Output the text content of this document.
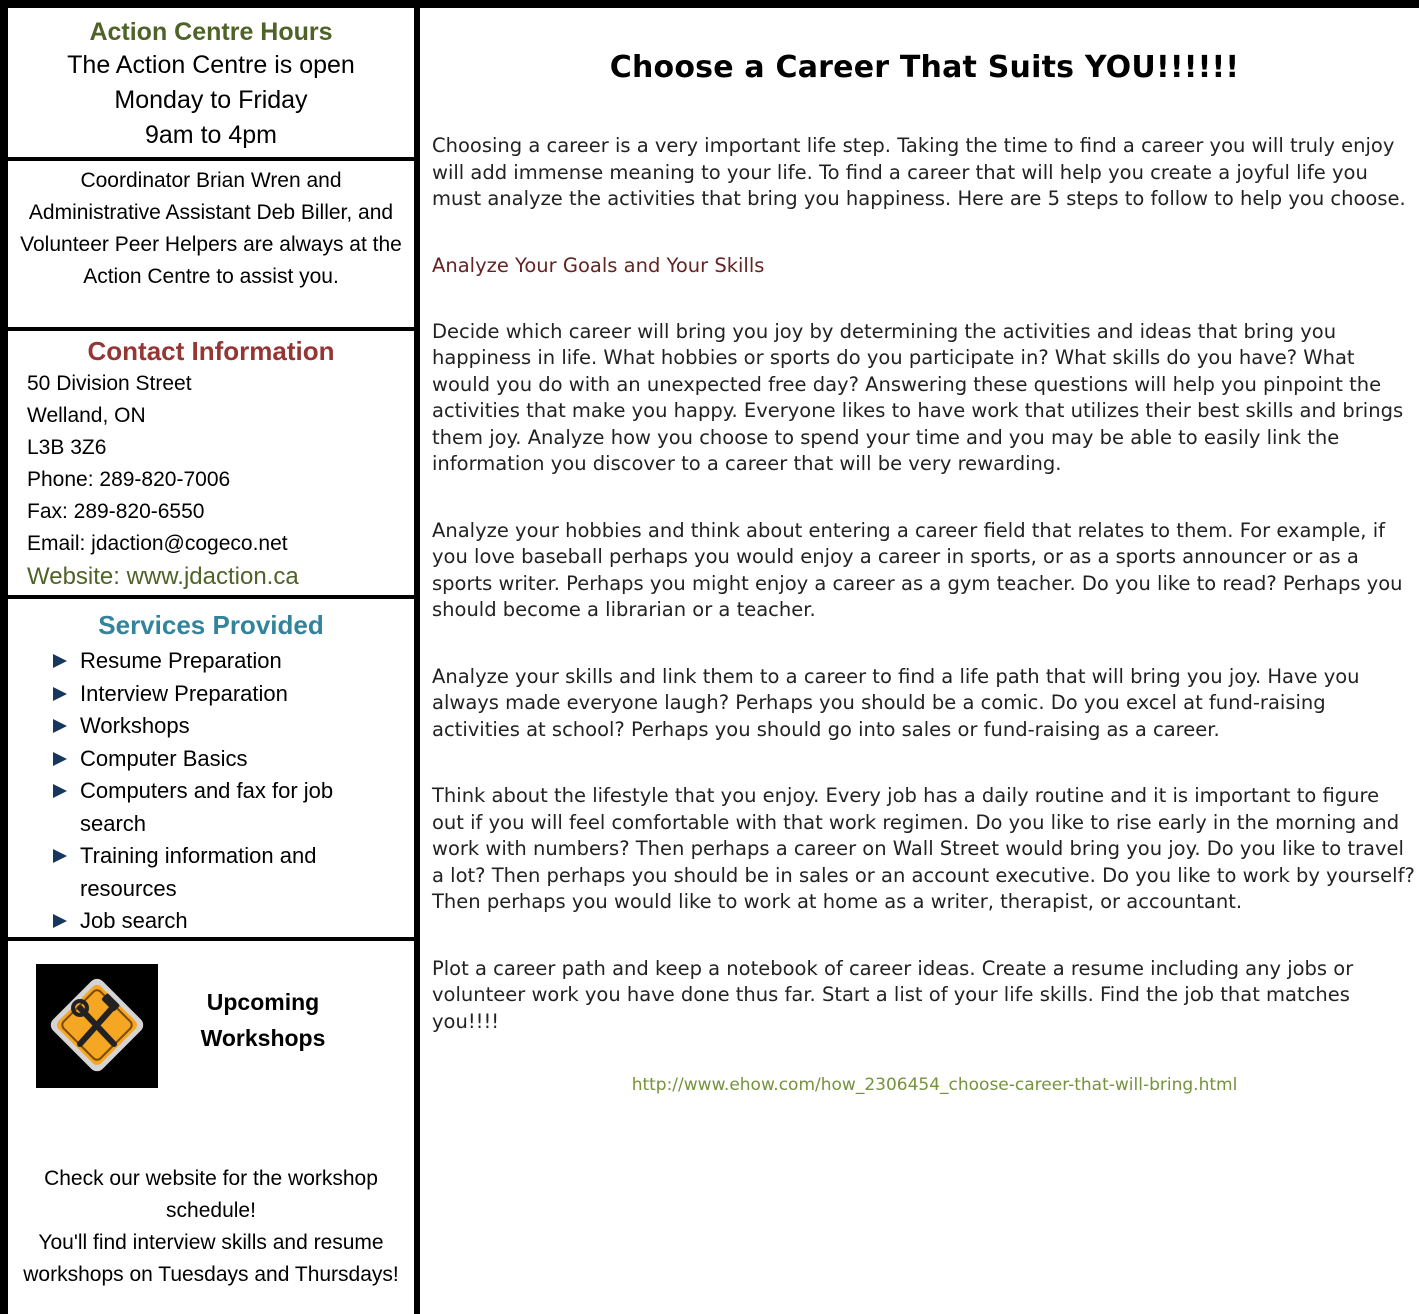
Action Centre Hours
The Action Centre is open
Monday to Friday
9am to 4pm
Coordinator Brian Wren and Administrative Assistant Deb Biller, and Volunteer Peer Helpers are always at the Action Centre to assist you.
Contact Information
50 Division Street
Welland, ON
L3B 3Z6
Phone: 289-820-7006
Fax: 289-820-6550
Email: jdaction@cogeco.net
Website: www.jdaction.ca
Services Provided
Resume Preparation
Interview Preparation
Workshops
Computer Basics
Computers and fax for job search
Training information and resources
Job search
Upcoming Workshops
Check our website for the workshop schedule!
You'll find interview skills and resume workshops on Tuesdays and Thursdays!
Choose a Career That Suits YOU!!!!!!

Choosing a career is a very important life step. Taking the time to find a career you will truly enjoy will add immense meaning to your life. To find a career that will help you create a joyful life you must analyze the activities that bring you happiness. Here are 5 steps to follow to help you choose.

Analyze Your Goals and Your Skills

Decide which career will bring you joy by determining the activities and ideas that bring you happiness in life. What hobbies or sports do you participate in? What skills do you have? What would you do with an unexpected free day? Answering these questions will help you pinpoint the activities that make you happy. Everyone likes to have work that utilizes their best skills and brings them joy. Analyze how you choose to spend your time and you may be able to easily link the information you discover to a career that will be very rewarding.

Analyze your hobbies and think about entering a career field that relates to them. For example, if you love baseball perhaps you would enjoy a career in sports, or as a sports announcer or as a sports writer. Perhaps you might enjoy a career as a gym teacher. Do you like to read? Perhaps you should become a librarian or a teacher.

Analyze your skills and link them to a career to find a life path that will bring you joy. Have you always made everyone laugh? Perhaps you should be a comic. Do you excel at fund-raising activities at school? Perhaps you should go into sales or fund-raising as a career.

Think about the lifestyle that you enjoy. Every job has a daily routine and it is important to figure out if you will feel comfortable with that work regimen. Do you like to rise early in the morning and work with numbers? Then perhaps a career on Wall Street would bring you joy. Do you like to travel a lot? Then perhaps you should be in sales or an account executive. Do you like to work by yourself? Then perhaps you would like to work at home as a writer, therapist, or accountant.

Plot a career path and keep a notebook of career ideas. Create a resume including any jobs or volunteer work you have done thus far. Start a list of your life skills. Find the job that matches you!!!!

http://www.ehow.com/how_2306454_choose-career-that-will-bring.html
